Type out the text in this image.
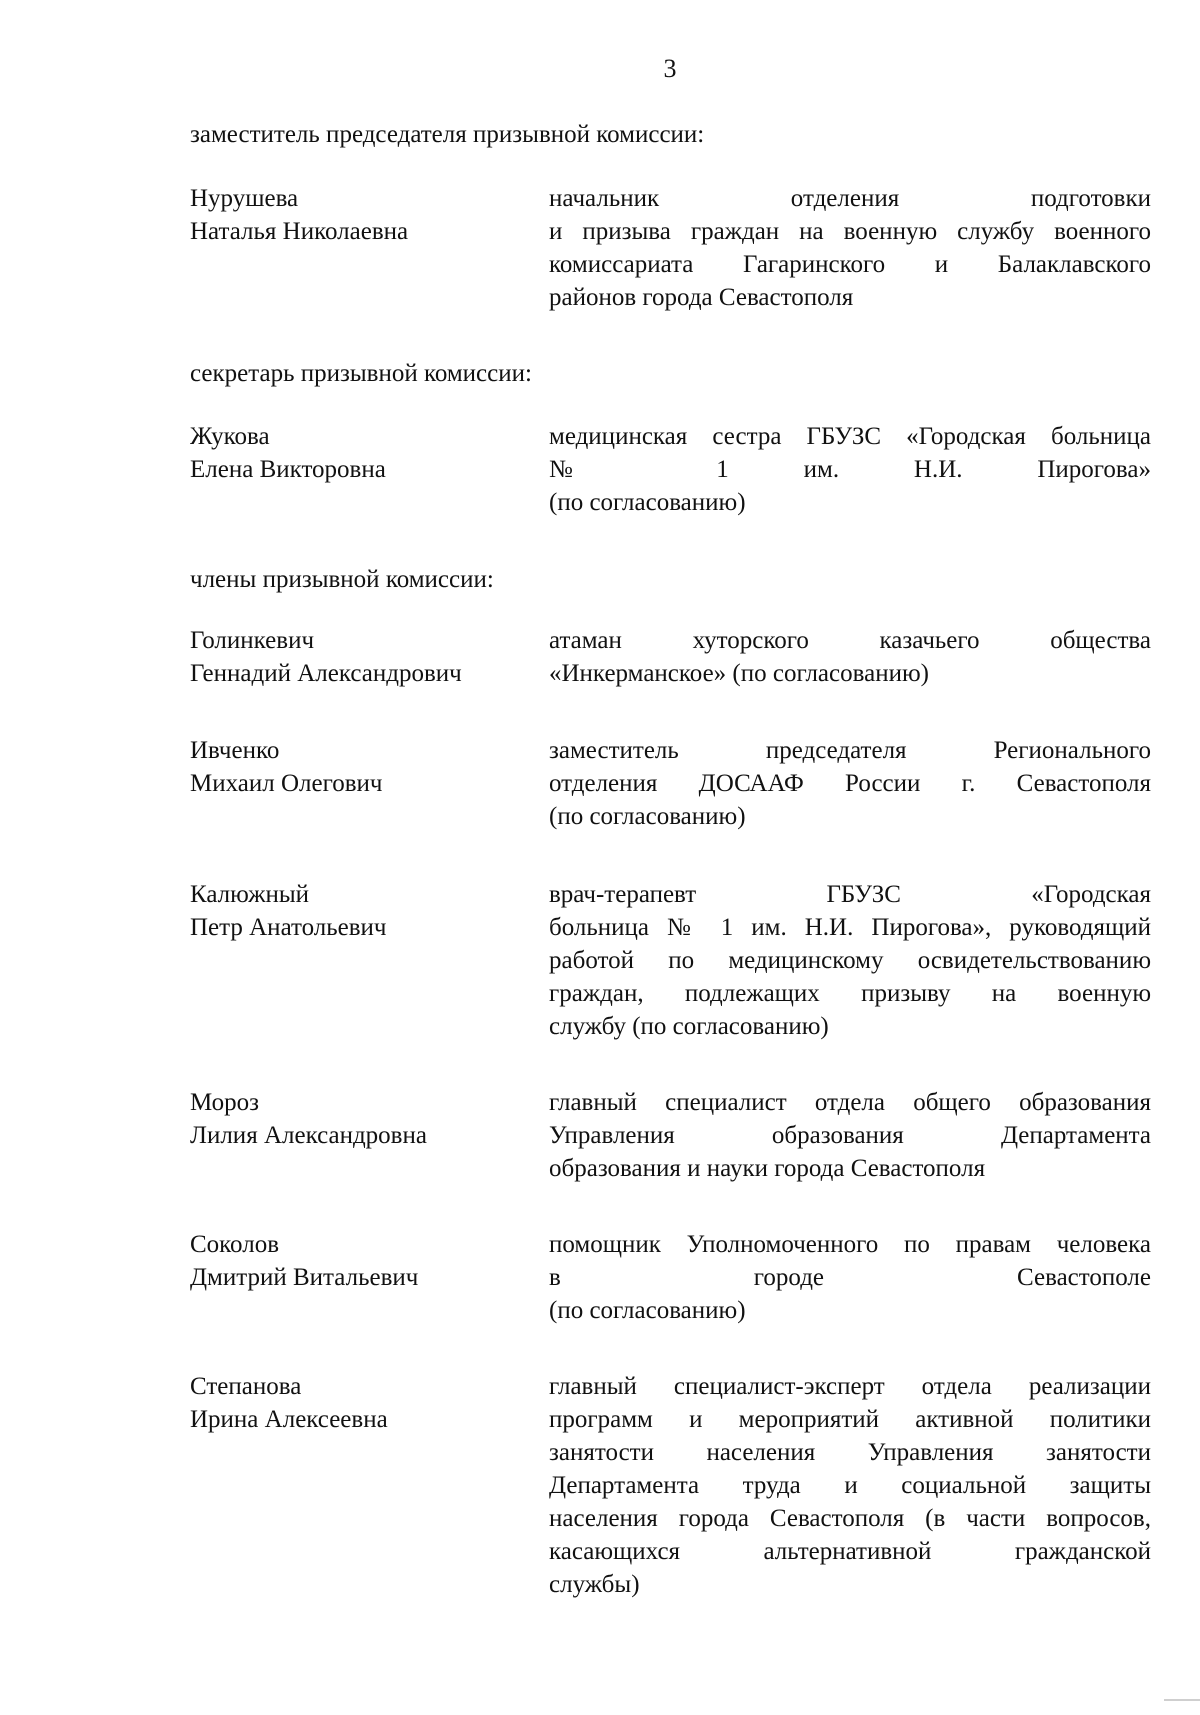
3
заместитель председателя призывной комиссии:
Нурушева
Наталья Николаевна
начальник отделения подготовки
и призыва граждан на военную службу военного
комиссариата Гагаринского и Балаклавского
районов города Севастополя
секретарь призывной комиссии:
Жукова
Елена Викторовна
медицинская сестра ГБУЗС «Городская больница
№ 1 им. Н.И. Пирогова»
(по согласованию)
члены призывной комиссии:
Голинкевич
Геннадий Александрович
атаман хуторского казачьего общества
«Инкерманское» (по согласованию)
Ивченко
Михаил Олегович
заместитель председателя Регионального
отделения ДОСААФ России г. Севастополя
(по согласованию)
Калюжный
Петр Анатольевич
врач-терапевт ГБУЗС «Городская
больница № 1 им. Н.И. Пирогова», руководящий
работой по медицинскому освидетельствованию
граждан, подлежащих призыву на военную
службу (по согласованию)
Мороз
Лилия Александровна
главный специалист отдела общего образования
Управления образования Департамента
образования и науки города Севастополя
Соколов
Дмитрий Витальевич
помощник Уполномоченного по правам человека
в городе Севастополе
(по согласованию)
Степанова
Ирина Алексеевна
главный специалист-эксперт отдела реализации
программ и мероприятий активной политики
занятости населения Управления занятости
Департамента труда и социальной защиты
населения города Севастополя (в части вопросов,
касающихся альтернативной гражданской
службы)
